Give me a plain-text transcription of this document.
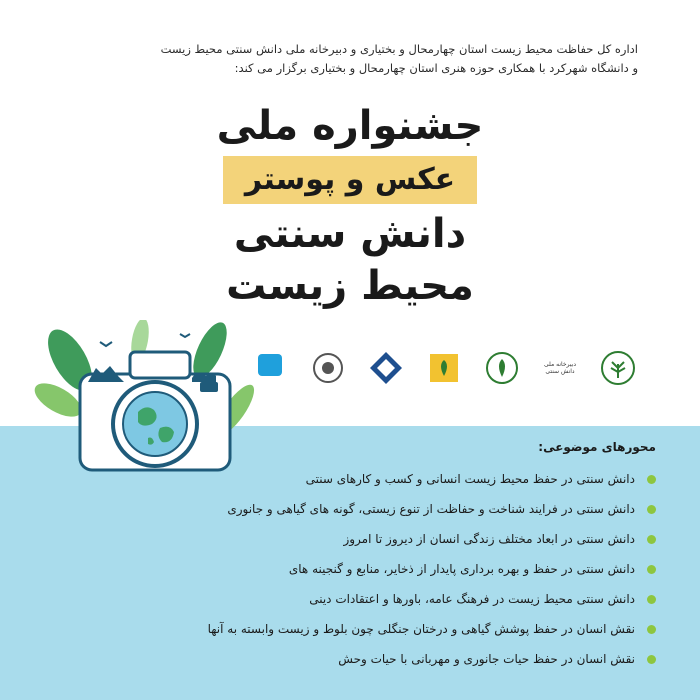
اداره کل حفاظت محیط زیست استان چهارمحال و بختیاری و دبیرخانه ملی دانش سنتی محیط زیست
و دانشگاه شهرکرد با همکاری حوزه هنری استان چهارمحال و بختیاری برگزار می کند:
جشنواره ملی
عکس و پوستر
دانش سنتی
محیط زیست
دبیرخانه ملی دانش سنتی
محورهای موضوعی:
دانش سنتی در حفظ محیط زیست انسانی و کسب و کارهای سنتی
دانش سنتی در فرایند شناخت و حفاظت از تنوع زیستی، گونه های گیاهی و جانوری
دانش سنتی در ابعاد مختلف زندگی انسان از دیروز تا امروز
دانش سنتی در حفظ و بهره برداری پایدار از ذخایر، منابع و گنجینه های
دانش سنتی محیط زیست در فرهنگ عامه، باورها و اعتقادات دینی
نقش انسان در حفظ پوشش گیاهی و درختان جنگلی چون بلوط و زیست وابسته به آنها
نقش انسان در حفظ حیات جانوری و مهربانی با حیات وحش
